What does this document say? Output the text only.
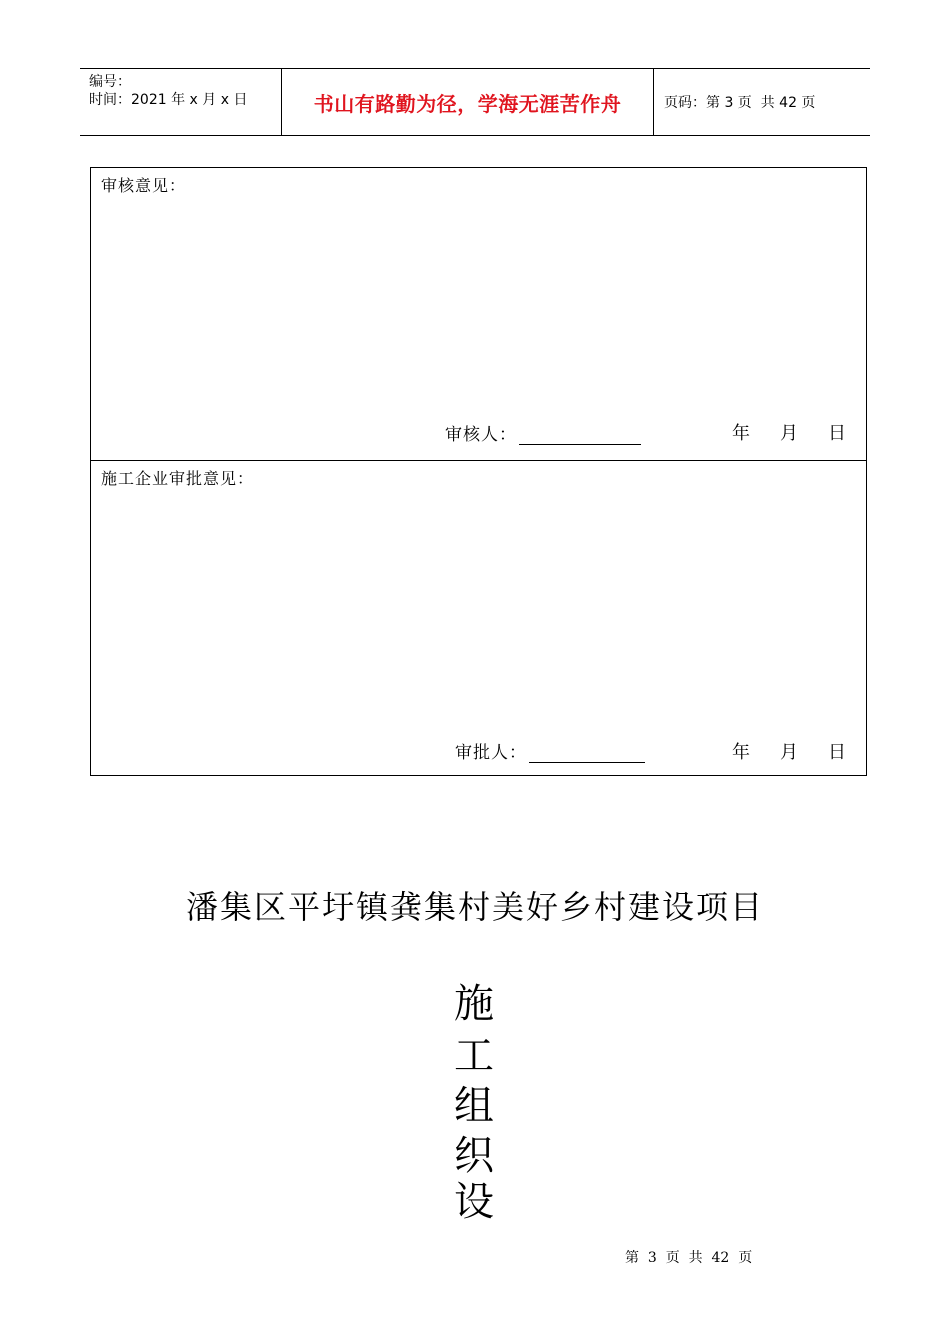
编号：
时间：2021 年 x 月 x 日	书山有路勤为径，学海无涯苦作舟	页码：第 3 页  共 42 页
审核意见：
审核人：	年 月 日
施工企业审批意见：
审批人：	年 月 日
潘集区平圩镇龚集村美好乡村建设项目
施
工
组
织
设
第  3  页  共  42  页
